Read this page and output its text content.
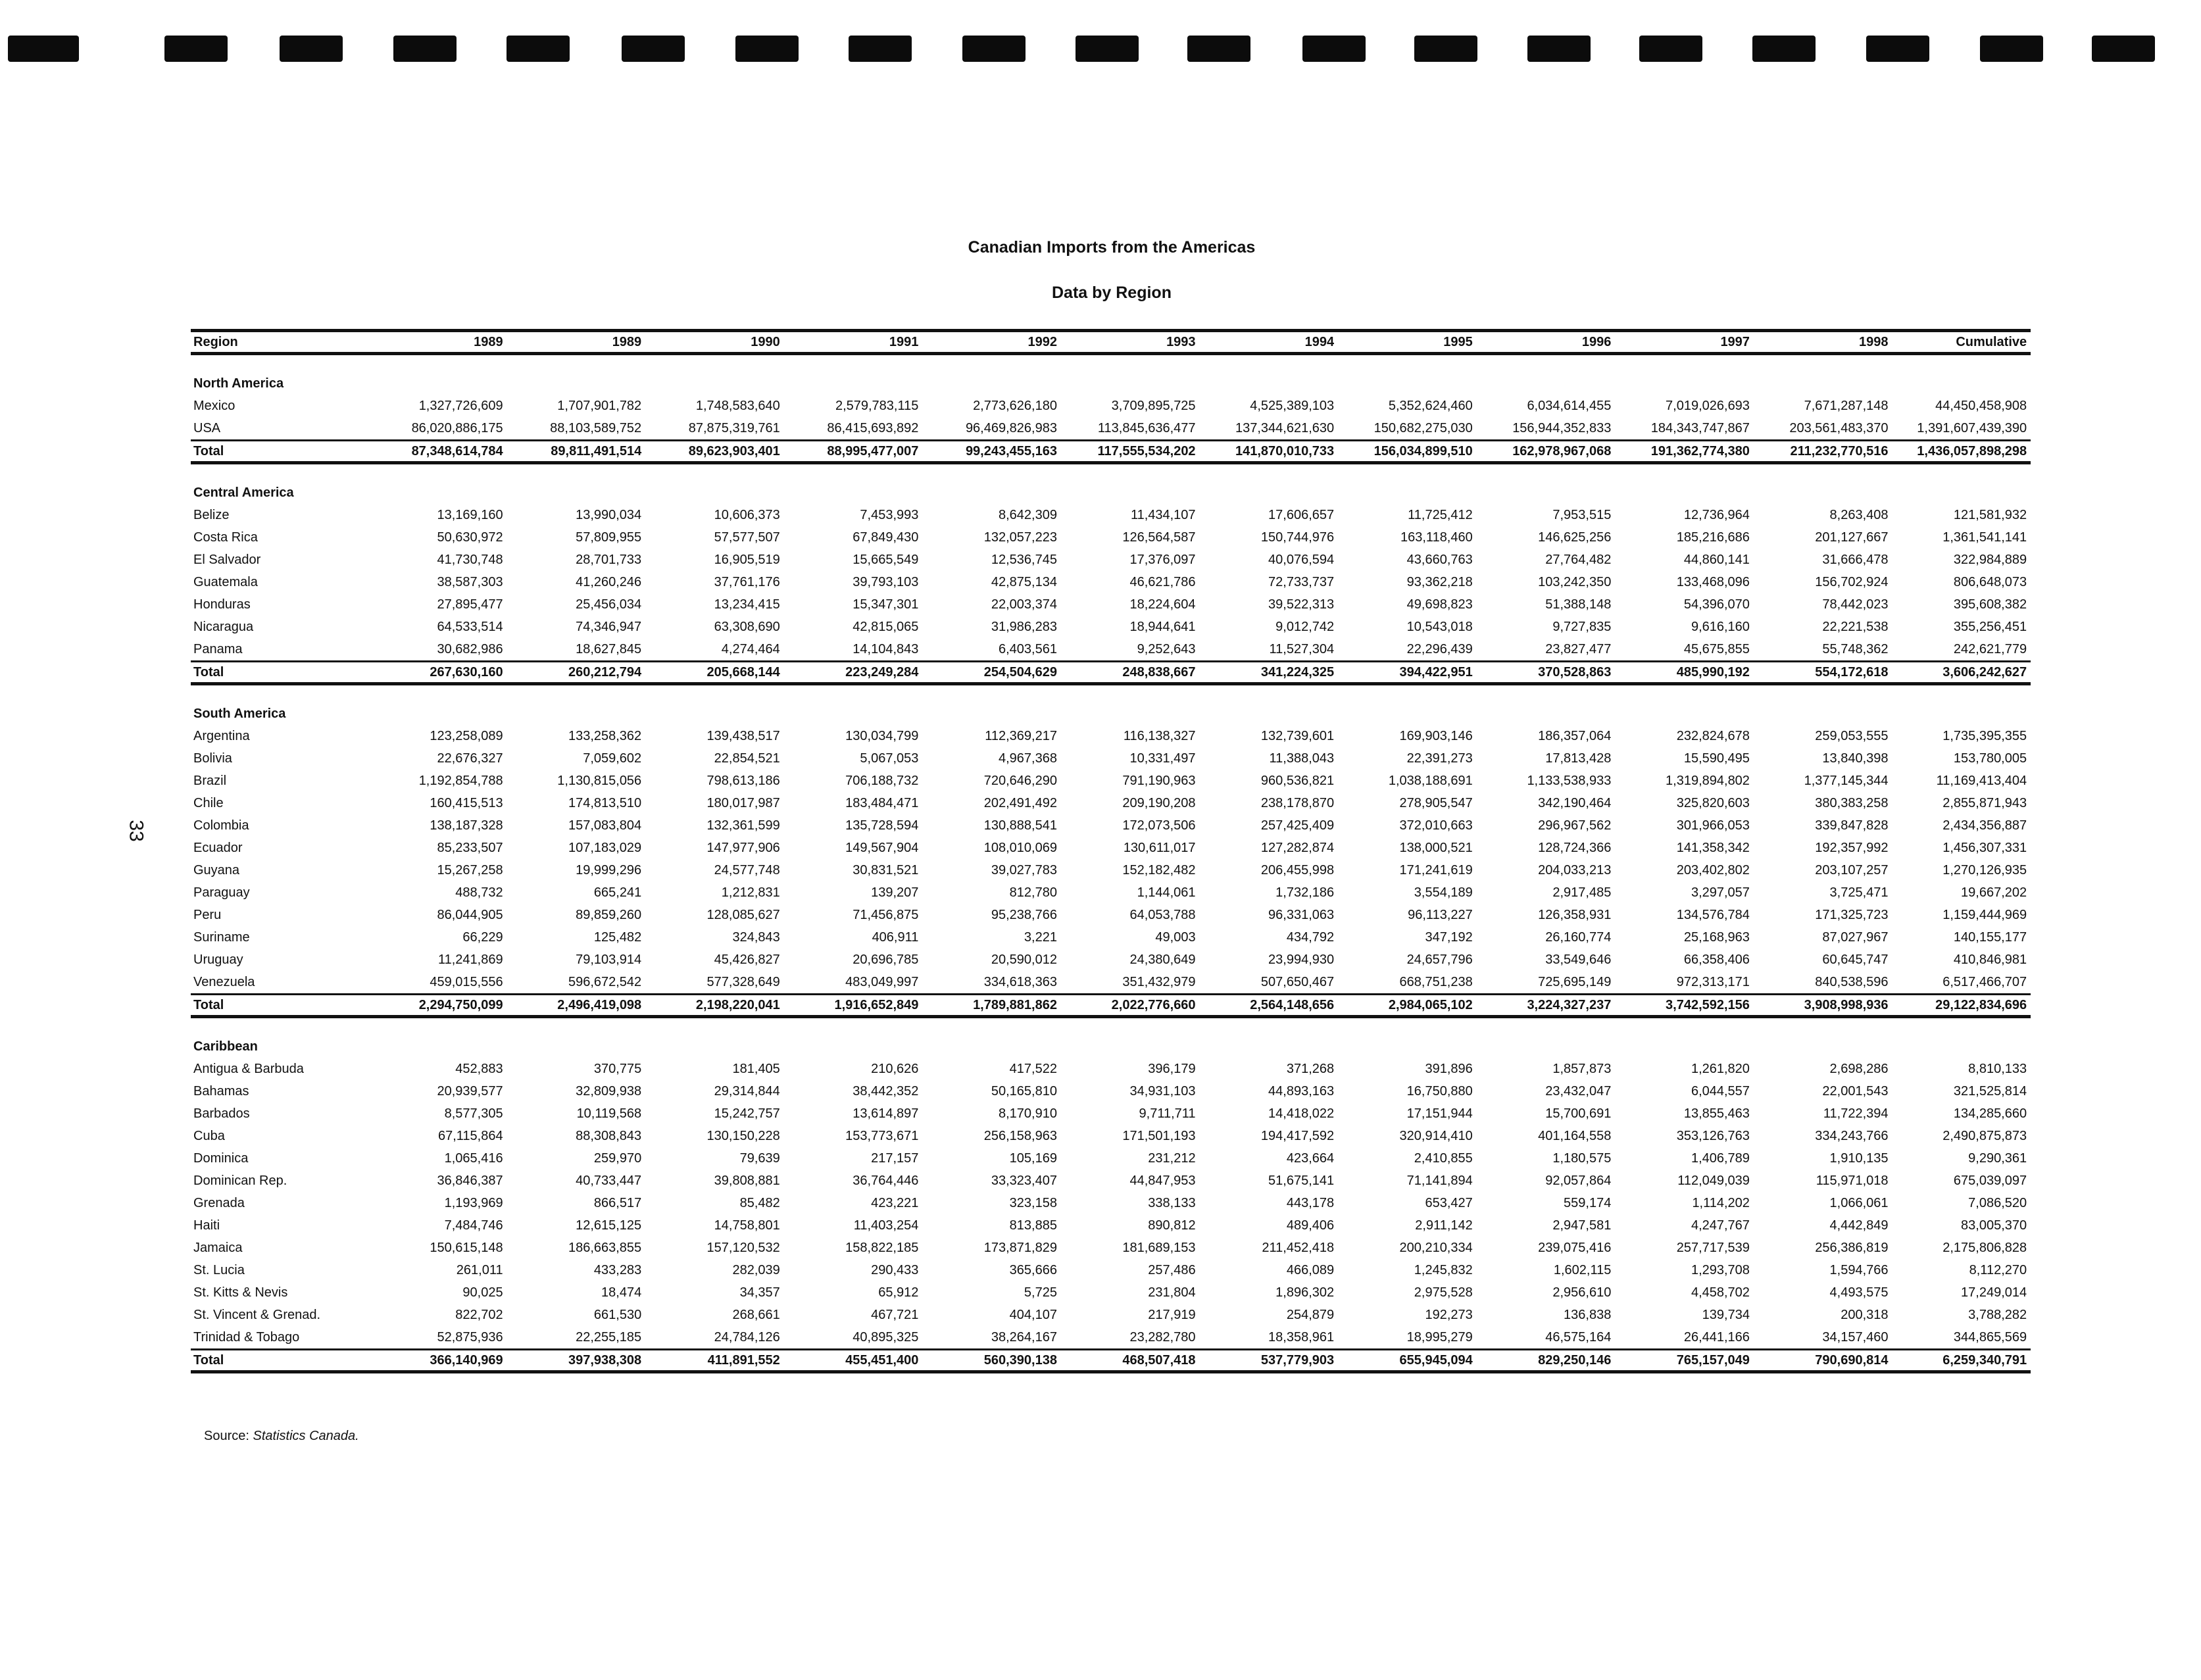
Canadian Imports from the Americas
Data by Region
33
Region	1989	1989	1990	1991	1992	1993	1994	1995	1996	1997	1998	Cumulative

North America												
Mexico	1,327,726,609	1,707,901,782	1,748,583,640	2,579,783,115	2,773,626,180	3,709,895,725	4,525,389,103	5,352,624,460	6,034,614,455	7,019,026,693	7,671,287,148	44,450,458,908
USA	86,020,886,175	88,103,589,752	87,875,319,761	86,415,693,892	96,469,826,983	113,845,636,477	137,344,621,630	150,682,275,030	156,944,352,833	184,343,747,867	203,561,483,370	1,391,607,439,390
Total	87,348,614,784	89,811,491,514	89,623,903,401	88,995,477,007	99,243,455,163	117,555,534,202	141,870,010,733	156,034,899,510	162,978,967,068	191,362,774,380	211,232,770,516	1,436,057,898,298

Central America												
Belize	13,169,160	13,990,034	10,606,373	7,453,993	8,642,309	11,434,107	17,606,657	11,725,412	7,953,515	12,736,964	8,263,408	121,581,932
Costa Rica	50,630,972	57,809,955	57,577,507	67,849,430	132,057,223	126,564,587	150,744,976	163,118,460	146,625,256	185,216,686	201,127,667	1,361,541,141
El Salvador	41,730,748	28,701,733	16,905,519	15,665,549	12,536,745	17,376,097	40,076,594	43,660,763	27,764,482	44,860,141	31,666,478	322,984,889
Guatemala	38,587,303	41,260,246	37,761,176	39,793,103	42,875,134	46,621,786	72,733,737	93,362,218	103,242,350	133,468,096	156,702,924	806,648,073
Honduras	27,895,477	25,456,034	13,234,415	15,347,301	22,003,374	18,224,604	39,522,313	49,698,823	51,388,148	54,396,070	78,442,023	395,608,382
Nicaragua	64,533,514	74,346,947	63,308,690	42,815,065	31,986,283	18,944,641	9,012,742	10,543,018	9,727,835	9,616,160	22,221,538	355,256,451
Panama	30,682,986	18,627,845	4,274,464	14,104,843	6,403,561	9,252,643	11,527,304	22,296,439	23,827,477	45,675,855	55,748,362	242,621,779
Total	267,630,160	260,212,794	205,668,144	223,249,284	254,504,629	248,838,667	341,224,325	394,422,951	370,528,863	485,990,192	554,172,618	3,606,242,627

South America												
Argentina	123,258,089	133,258,362	139,438,517	130,034,799	112,369,217	116,138,327	132,739,601	169,903,146	186,357,064	232,824,678	259,053,555	1,735,395,355
Bolivia	22,676,327	7,059,602	22,854,521	5,067,053	4,967,368	10,331,497	11,388,043	22,391,273	17,813,428	15,590,495	13,840,398	153,780,005
Brazil	1,192,854,788	1,130,815,056	798,613,186	706,188,732	720,646,290	791,190,963	960,536,821	1,038,188,691	1,133,538,933	1,319,894,802	1,377,145,344	11,169,413,404
Chile	160,415,513	174,813,510	180,017,987	183,484,471	202,491,492	209,190,208	238,178,870	278,905,547	342,190,464	325,820,603	380,383,258	2,855,871,943
Colombia	138,187,328	157,083,804	132,361,599	135,728,594	130,888,541	172,073,506	257,425,409	372,010,663	296,967,562	301,966,053	339,847,828	2,434,356,887
Ecuador	85,233,507	107,183,029	147,977,906	149,567,904	108,010,069	130,611,017	127,282,874	138,000,521	128,724,366	141,358,342	192,357,992	1,456,307,331
Guyana	15,267,258	19,999,296	24,577,748	30,831,521	39,027,783	152,182,482	206,455,998	171,241,619	204,033,213	203,402,802	203,107,257	1,270,126,935
Paraguay	488,732	665,241	1,212,831	139,207	812,780	1,144,061	1,732,186	3,554,189	2,917,485	3,297,057	3,725,471	19,667,202
Peru	86,044,905	89,859,260	128,085,627	71,456,875	95,238,766	64,053,788	96,331,063	96,113,227	126,358,931	134,576,784	171,325,723	1,159,444,969
Suriname	66,229	125,482	324,843	406,911	3,221	49,003	434,792	347,192	26,160,774	25,168,963	87,027,967	140,155,177
Uruguay	11,241,869	79,103,914	45,426,827	20,696,785	20,590,012	24,380,649	23,994,930	24,657,796	33,549,646	66,358,406	60,645,747	410,846,981
Venezuela	459,015,556	596,672,542	577,328,649	483,049,997	334,618,363	351,432,979	507,650,467	668,751,238	725,695,149	972,313,171	840,538,596	6,517,466,707
Total	2,294,750,099	2,496,419,098	2,198,220,041	1,916,652,849	1,789,881,862	2,022,776,660	2,564,148,656	2,984,065,102	3,224,327,237	3,742,592,156	3,908,998,936	29,122,834,696

Caribbean												
Antigua & Barbuda	452,883	370,775	181,405	210,626	417,522	396,179	371,268	391,896	1,857,873	1,261,820	2,698,286	8,810,133
Bahamas	20,939,577	32,809,938	29,314,844	38,442,352	50,165,810	34,931,103	44,893,163	16,750,880	23,432,047	6,044,557	22,001,543	321,525,814
Barbados	8,577,305	10,119,568	15,242,757	13,614,897	8,170,910	9,711,711	14,418,022	17,151,944	15,700,691	13,855,463	11,722,394	134,285,660
Cuba	67,115,864	88,308,843	130,150,228	153,773,671	256,158,963	171,501,193	194,417,592	320,914,410	401,164,558	353,126,763	334,243,766	2,490,875,873
Dominica	1,065,416	259,970	79,639	217,157	105,169	231,212	423,664	2,410,855	1,180,575	1,406,789	1,910,135	9,290,361
Dominican Rep.	36,846,387	40,733,447	39,808,881	36,764,446	33,323,407	44,847,953	51,675,141	71,141,894	92,057,864	112,049,039	115,971,018	675,039,097
Grenada	1,193,969	866,517	85,482	423,221	323,158	338,133	443,178	653,427	559,174	1,114,202	1,066,061	7,086,520
Haiti	7,484,746	12,615,125	14,758,801	11,403,254	813,885	890,812	489,406	2,911,142	2,947,581	4,247,767	4,442,849	83,005,370
Jamaica	150,615,148	186,663,855	157,120,532	158,822,185	173,871,829	181,689,153	211,452,418	200,210,334	239,075,416	257,717,539	256,386,819	2,175,806,828
St. Lucia	261,011	433,283	282,039	290,433	365,666	257,486	466,089	1,245,832	1,602,115	1,293,708	1,594,766	8,112,270
St. Kitts & Nevis	90,025	18,474	34,357	65,912	5,725	231,804	1,896,302	2,975,528	2,956,610	4,458,702	4,493,575	17,249,014
St. Vincent & Grenad.	822,702	661,530	268,661	467,721	404,107	217,919	254,879	192,273	136,838	139,734	200,318	3,788,282
Trinidad & Tobago	52,875,936	22,255,185	24,784,126	40,895,325	38,264,167	23,282,780	18,358,961	18,995,279	46,575,164	26,441,166	34,157,460	344,865,569
Total	366,140,969	397,938,308	411,891,552	455,451,400	560,390,138	468,507,418	537,779,903	655,945,094	829,250,146	765,157,049	790,690,814	6,259,340,791
Source: Statistics Canada.
